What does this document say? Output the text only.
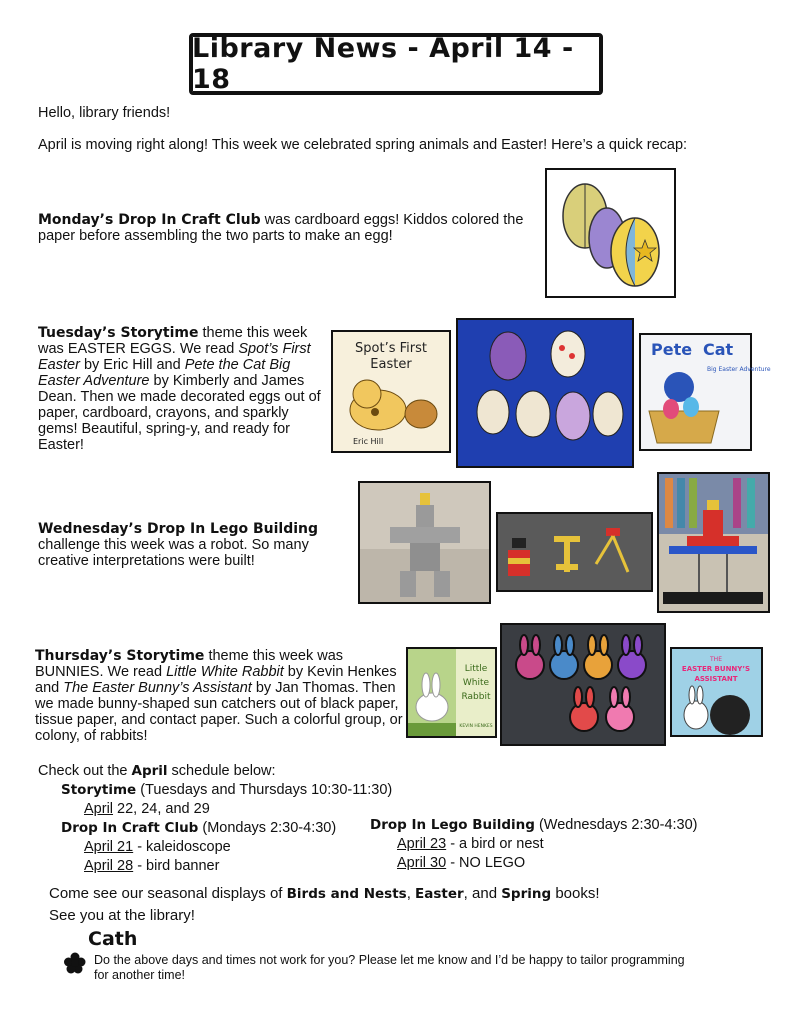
Library News - April 14 - 18
Hello, library friends!
April is moving right along! This week we celebrated spring animals and Easter! Here’s a quick recap:
Monday’s Drop In Craft Club was cardboard eggs! Kiddos colored the paper before assembling the two parts to make an egg!
Tuesday’s Storytime theme this week was EASTER EGGS. We read Spot’s First Easter by Eric Hill and Pete the Cat Big Easter Adventure by Kimberly and James Dean. Then we made decorated eggs out of paper, cardboard, crayons, and sparkly gems! Beautiful, spring-y, and ready for Easter!
Spot’s First
Easter
Eric Hill
Pete Cat
Big Easter Adventure
Wednesday’s Drop In Lego Building challenge this week was a robot. So many creative interpretations were built!
Thursday’s Storytime theme this week was BUNNIES. We read Little White Rabbit by Kevin Henkes and The Easter Bunny’s Assistant by Jan Thomas. Then we made bunny-shaped sun catchers out of black paper, tissue paper, and contact paper. Such a colorful group, or colony, of rabbits!
Little
White
Rabbit
KEVIN HENKES
THE
EASTER BUNNY’S
ASSISTANT
Check out the April schedule below:
Storytime (Tuesdays and Thursdays 10:30-11:30)
April 22, 24, and 29
Drop In Craft Club (Mondays 2:30-4:30)
April 21 - kaleidoscope
April 28 - bird banner
Drop In Lego Building (Wednesdays 2:30-4:30)
April 23 - a bird or nest
April 30 - NO LEGO
Come see our seasonal displays of Birds and Nests, Easter, and Spring books!
See you at the library!
Cath
Do the above days and times not work for you? Please let me know and I’d be happy to tailor programming for another time!
